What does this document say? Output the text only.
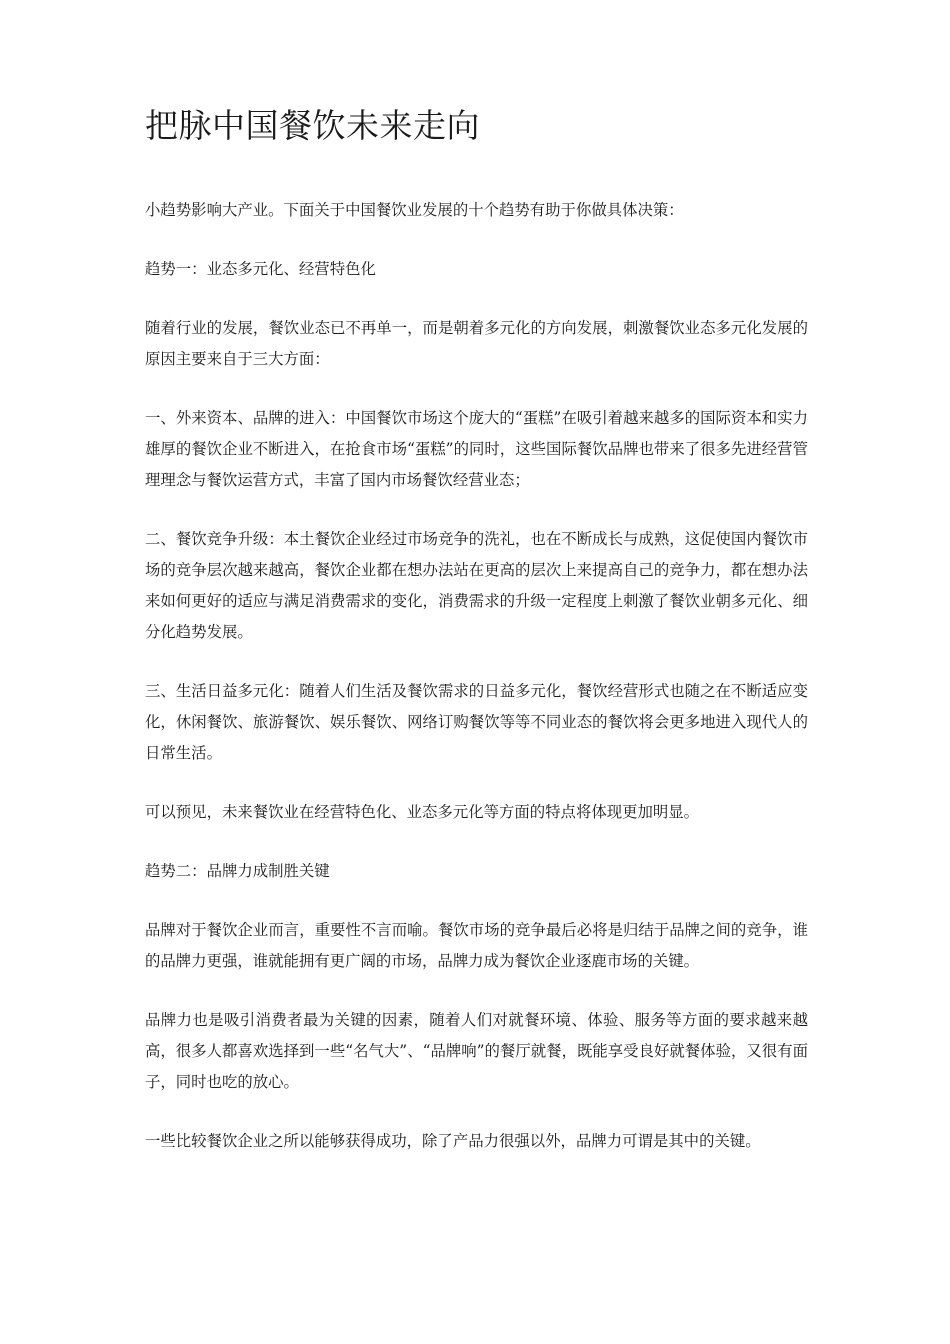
把脉中国餐饮未来走向

小趋势影响大产业。下面关于中国餐饮业发展的十个趋势有助于你做具体决策：

趋势一：业态多元化、经营特色化

随着行业的发展，餐饮业态已不再单一，而是朝着多元化的方向发展，刺激餐饮业态多元化发展的原因主要来自于三大方面：

一、外来资本、品牌的进入：中国餐饮市场这个庞大的“蛋糕”在吸引着越来越多的国际资本和实力雄厚的餐饮企业不断进入，在抢食市场“蛋糕”的同时，这些国际餐饮品牌也带来了很多先进经营管理理念与餐饮运营方式，丰富了国内市场餐饮经营业态；

二、餐饮竞争升级：本土餐饮企业经过市场竞争的洗礼，也在不断成长与成熟，这促使国内餐饮市场的竞争层次越来越高，餐饮企业都在想办法站在更高的层次上来提高自己的竞争力，都在想办法来如何更好的适应与满足消费需求的变化，消费需求的升级一定程度上刺激了餐饮业朝多元化、细分化趋势发展。

三、生活日益多元化：随着人们生活及餐饮需求的日益多元化，餐饮经营形式也随之在不断适应变化，休闲餐饮、旅游餐饮、娱乐餐饮、网络订购餐饮等等不同业态的餐饮将会更多地进入现代人的日常生活。

可以预见，未来餐饮业在经营特色化、业态多元化等方面的特点将体现更加明显。

趋势二：品牌力成制胜关键

品牌对于餐饮企业而言，重要性不言而喻。餐饮市场的竞争最后必将是归结于品牌之间的竞争，谁的品牌力更强，谁就能拥有更广阔的市场，品牌力成为餐饮企业逐鹿市场的关键。

品牌力也是吸引消费者最为关键的因素，随着人们对就餐环境、体验、服务等方面的要求越来越高，很多人都喜欢选择到一些“名气大”、“品牌响”的餐厅就餐，既能享受良好就餐体验，又很有面子，同时也吃的放心。

一些比较餐饮企业之所以能够获得成功，除了产品力很强以外，品牌力可谓是其中的关键。
